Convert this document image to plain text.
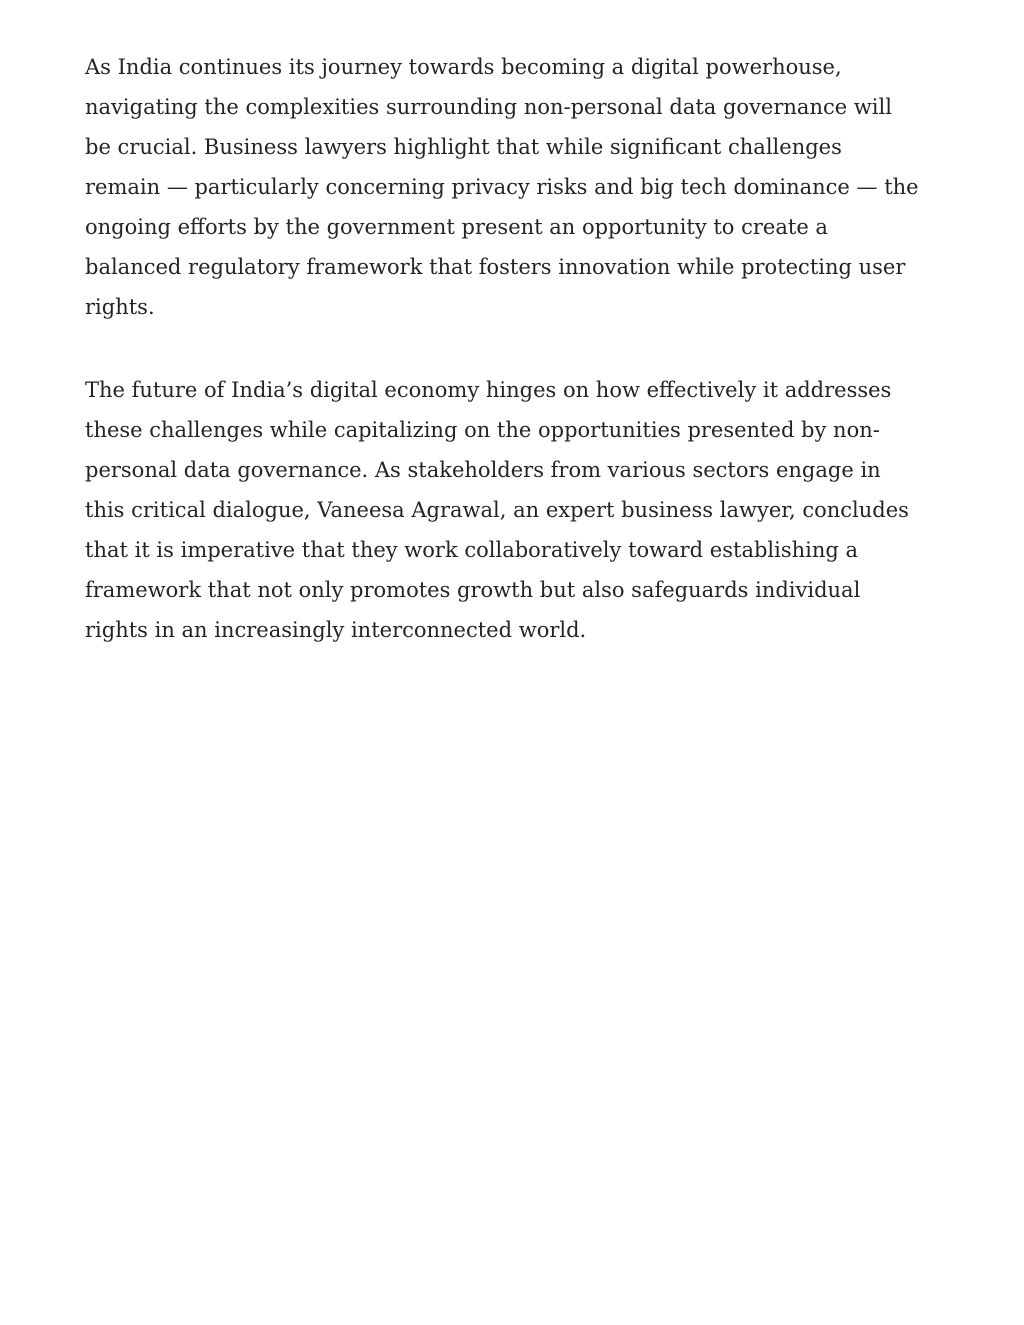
As India continues its journey towards becoming a digital powerhouse,
navigating the complexities surrounding non-personal data governance will
be crucial. Business lawyers highlight that while significant challenges
remain — particularly concerning privacy risks and big tech dominance — the
ongoing efforts by the government present an opportunity to create a
balanced regulatory framework that fosters innovation while protecting user
rights.

The future of India’s digital economy hinges on how effectively it addresses
these challenges while capitalizing on the opportunities presented by non-
personal data governance. As stakeholders from various sectors engage in
this critical dialogue, Vaneesa Agrawal, an expert business lawyer, concludes
that it is imperative that they work collaboratively toward establishing a
framework that not only promotes growth but also safeguards individual
rights in an increasingly interconnected world.
